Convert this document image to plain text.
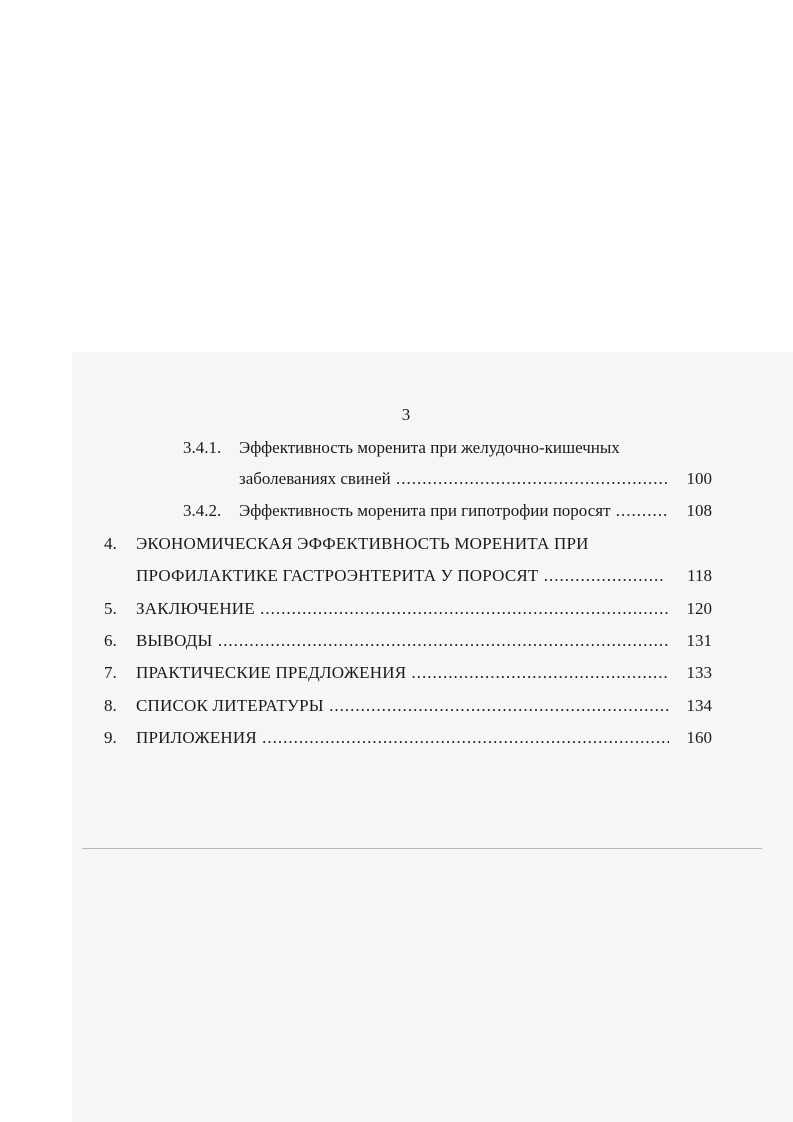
3
3.4.1. Эффективность моренита при желудочно-кишечных
заболеваниях свиней .....	100
3.4.2. Эффективность моренита при гипотрофии поросят .....	108
4. ЭКОНОМИЧЕСКАЯ ЭФФЕКТИВНОСТЬ МОРЕНИТА ПРИ
ПРОФИЛАКТИКЕ ГАСТРОЭНТЕРИТА У ПОРОСЯТ .....	118
5. ЗАКЛЮЧЕНИЕ .....	120
6. ВЫВОДЫ .....	131
7. ПРАКТИЧЕСКИЕ ПРЕДЛОЖЕНИЯ .....	133
8. СПИСОК ЛИТЕРАТУРЫ .....	134
9. ПРИЛОЖЕНИЯ .....	160
